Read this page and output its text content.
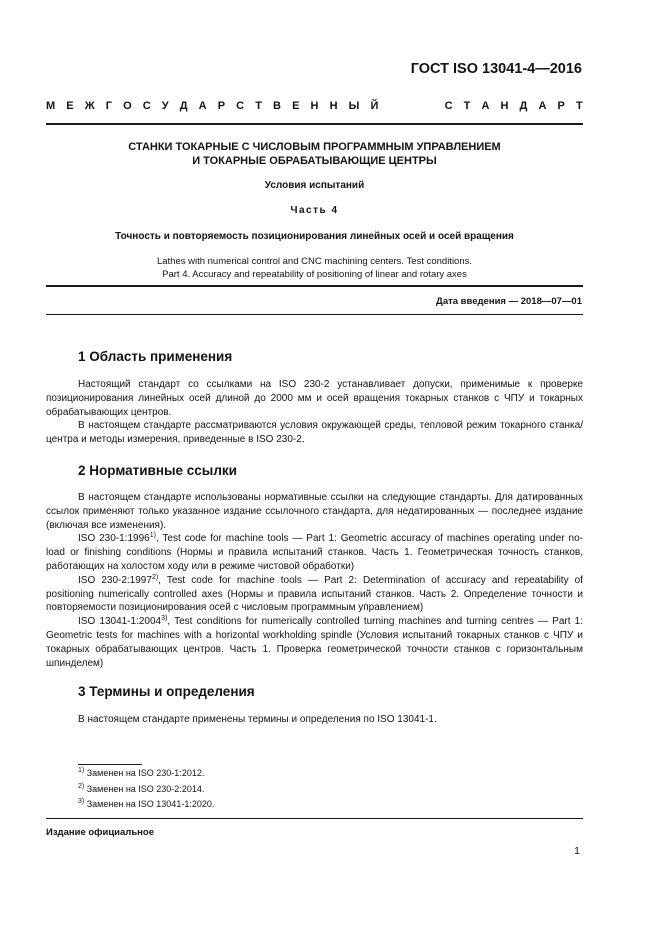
ГОСТ ISO 13041-4—2016
М Е Ж Г О С У Д А Р С Т В Е Н Н Ы Й	С Т А Н Д А Р Т
СТАНКИ ТОКАРНЫЕ С ЧИСЛОВЫМ ПРОГРАММНЫМ УПРАВЛЕНИЕМ
И ТОКАРНЫЕ ОБРАБАТЫВАЮЩИЕ ЦЕНТРЫ
Условия испытаний
Часть 4
Точность и повторяемость позиционирования линейных осей и осей вращения
Lathes with numerical control and CNC machining centers. Test conditions.
Part 4. Accuracy and repeatability of positioning of linear and rotary axes
Дата введения — 2018—07—01
1 Область применения

Настоящий стандарт со ссылками на ISO 230-2 устанавливает допуски, применимые к проверке позиционирования линейных осей длиной до 2000 мм и осей вращения токарных станков с ЧПУ и токарных обрабатывающих центров.

В настоящем стандарте рассматриваются условия окружающей среды, тепловой режим токарного станка/центра и методы измерения, приведенные в ISO 230-2.

2 Нормативные ссылки

В настоящем стандарте использованы нормативные ссылки на следующие стандарты. Для датированных ссылок применяют только указанное издание ссылочного стандарта, для недатированных — последнее издание (включая все изменения).

ISO 230-1:1996$^{1)}$, Test code for machine tools — Part 1: Geometric accuracy of machines operating under no-load or finishing conditions (Нормы и правила испытаний станков. Часть 1. Геометрическая точность станков, работающих на холостом ходу или в режиме чистовой обработки)

ISO 230-2:1997$^{2)}$, Test code for machine tools — Part 2: Determination of accuracy and repeatability of positioning numerically controlled axes (Нормы и правила испытаний станков. Часть 2. Определение точности и повторяемости позиционирования осей с числовым программным управлением)

ISO 13041-1:2004$^{3)}$, Test conditions for numerically controlled turning machines and turning centres — Part 1: Geometric tests for machines with a horizontal workholding spindle (Условия испытаний токарных станков с ЧПУ и токарных обрабатывающих центров. Часть 1. Проверка геометрической точности станков с горизонтальным шпинделем)

3 Термины и определения

В настоящем стандарте применены термины и определения по ISO 13041-1.

$^{1)}$ Заменен на ISO 230-1:2012.
$^{2)}$ Заменен на ISO 230-2:2014.
$^{3)}$ Заменен на ISO 13041-1:2020.
Издание официальное
1
